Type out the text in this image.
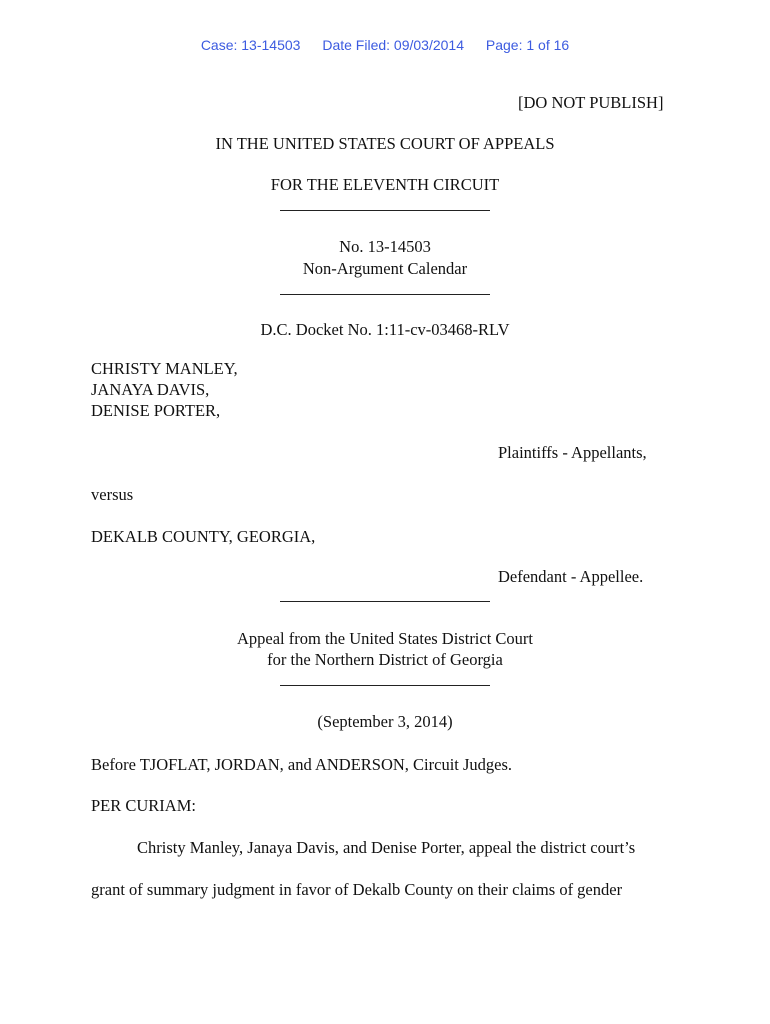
Case: 13-14503 Date Filed: 09/03/2014 Page: 1 of 16
[DO NOT PUBLISH]
IN THE UNITED STATES COURT OF APPEALS
FOR THE ELEVENTH CIRCUIT
No. 13-14503
Non-Argument Calendar
D.C. Docket No. 1:11-cv-03468-RLV
CHRISTY MANLEY,
JANAYA DAVIS,
DENISE PORTER,
Plaintiffs - Appellants,
versus
DEKALB COUNTY, GEORGIA,
Defendant - Appellee.
Appeal from the United States District Court
for the Northern District of Georgia
(September 3, 2014)
Before TJOFLAT, JORDAN, and ANDERSON, Circuit Judges.
PER CURIAM:
Christy Manley, Janaya Davis, and Denise Porter, appeal the district court’s
grant of summary judgment in favor of Dekalb County on their claims of gender
